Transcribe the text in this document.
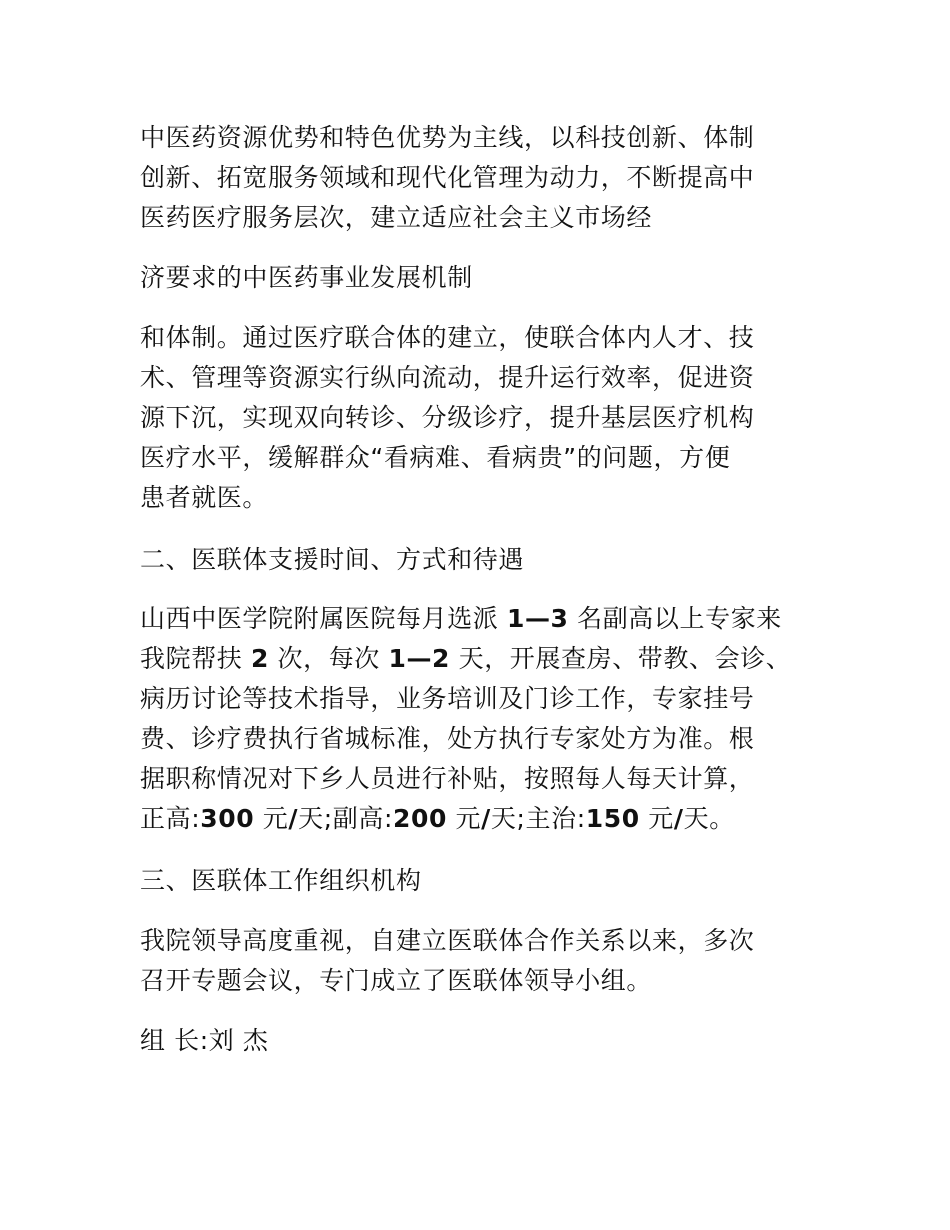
中医药资源优势和特色优势为主线，以科技创新、体制
创新、拓宽服务领域和现代化管理为动力，不断提高中
医药医疗服务层次，建立适应社会主义市场经

济要求的中医药事业发展机制

和体制。通过医疗联合体的建立，使联合体内人才、技
术、管理等资源实行纵向流动，提升运行效率，促进资
源下沉，实现双向转诊、分级诊疗，提升基层医疗机构
医疗水平，缓解群众“看病难、看病贵”的问题，方便
患者就医。

二、医联体支援时间、方式和待遇

山西中医学院附属医院每月选派 1—3 名副高以上专家来
我院帮扶 2 次，每次 1—2 天，开展查房、带教、会诊、
病历讨论等技术指导，业务培训及门诊工作，专家挂号
费、诊疗费执行省城标准，处方执行专家处方为准。根
据职称情况对下乡人员进行补贴，按照每人每天计算，
正高:300 元/天;副高:200 元/天;主治:150 元/天。

三、医联体工作组织机构

我院领导高度重视，自建立医联体合作关系以来，多次
召开专题会议，专门成立了医联体领导小组。

组 长:刘 杰
